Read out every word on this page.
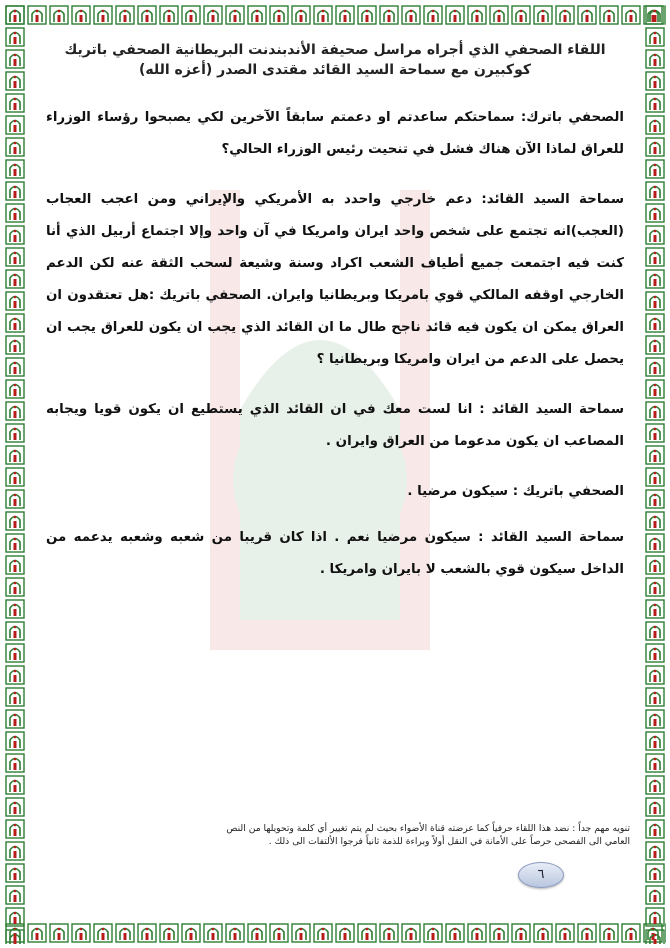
اللقاء الصحفي الذي أجراه مراسل صحيفة الأندبندنت البريطانية الصحفي باتريك
كوكبيرن مع سماحة السيد القائد مقتدى الصدر (أعزه الله)

الصحفي باترك: سماحتكم ساعدتم او دعمتم سابقاً الآخرين لكي يصبحوا رؤساء الوزراء للعراق لماذا الآن هناك فشل في تنحيت رئيس الوزراء الحالي؟

سماحة السيد القائد: دعم خارجي واحدد به الأمريكي والإيراني ومن اعجب العجاب (العجب)انه تجتمع على شخص واحد ايران وامريكا في آن واحد وإلا اجتماع أربيل الذي أنا كنت فيه اجتمعت جميع أطياف الشعب اكراد وسنة وشيعة لسحب الثقة عنه لكن الدعم الخارجي اوقفه المالكي قوي بامريكا وبريطانيا وايران. الصحفي باتريك :هل تعتقدون ان العراق يمكن ان يكون فيه قائد ناجح طال ما ان القائد الذي يجب ان يكون للعراق يجب ان يحصل على الدعم من ايران وامريكا وبريطانيا ؟

سماحة السيد القائد : انا لست معك في ان القائد الذي يستطيع ان يكون قويا ويجابه المصاعب ان يكون مدعوما من العراق وايران .

الصحفي باتريك : سيكون مرضيا .

سماحة السيد القائد : سيكون مرضيا نعم . اذا كان قريبا من شعبه وشعبه يدعمه من الداخل سيكون قوي بالشعب لا بايران وامريكا .

تنويه مهم جداً : نضد هذا اللقاء حرفياً كما عرضته قناة الأضواء بحيث لم يتم تغيير أي كلمة وتحويلها من النص
العامي الى الفصحى حرصاً على الأمانة في النقل أولاً وبراءة للذمة ثانياً فرجوا الألتفات الى ذلك .
٦
